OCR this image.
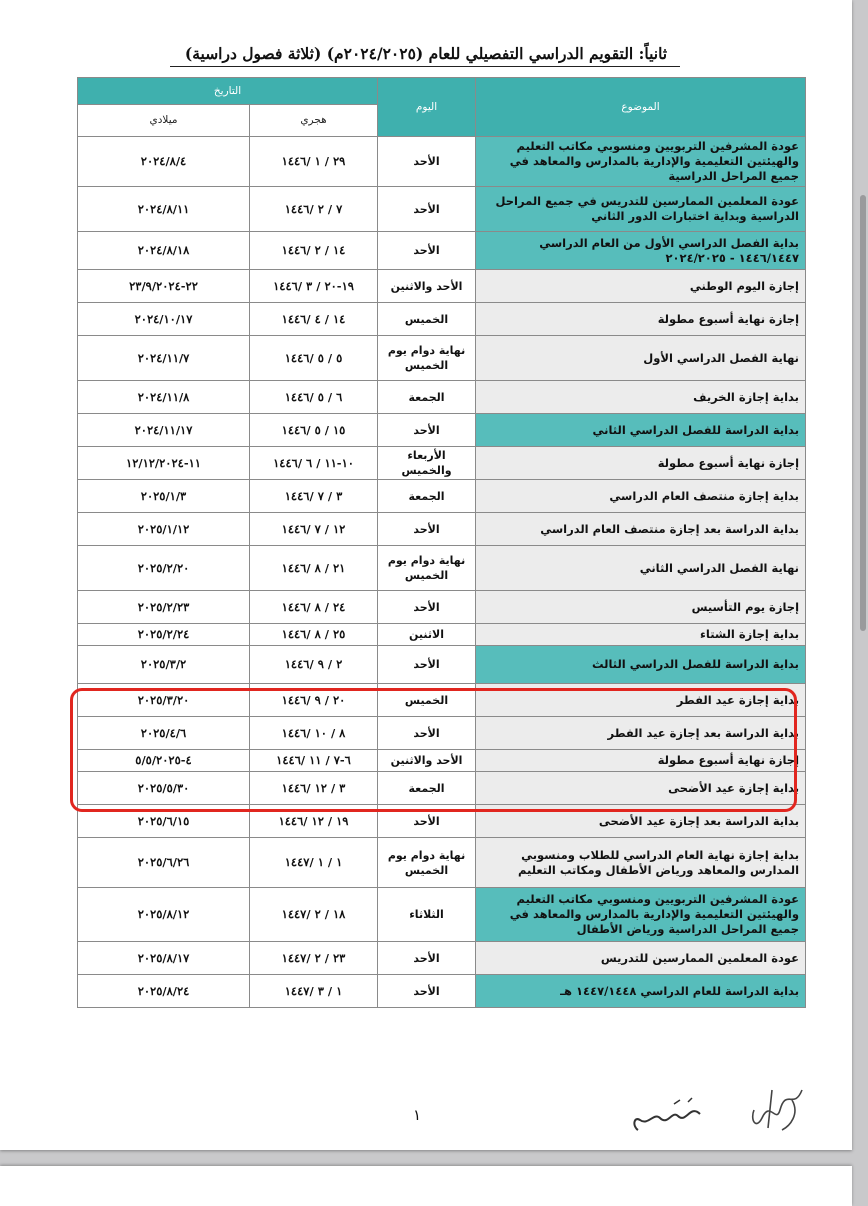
ثانياً: التقويم الدراسي التفصيلي للعام (٢٠٢٤/٢٠٢٥م) (ثلاثة فصول دراسية)
الموضوع	اليوم	التاريخ	
		هجري	ميلادي
عودة المشرفين التربويين ومنسوبي مكاتب التعليم والهيئتين التعليمية والإدارية بالمدارس والمعاهد في جميع المراحل الدراسية	الأحد	٢٩ / ١ /١٤٤٦	٢٠٢٤/٨/٤
عودة المعلمين الممارسين للتدريس في جميع المراحل الدراسية وبداية اختبارات الدور الثاني	الأحد	٧ / ٢ /١٤٤٦	٢٠٢٤/٨/١١
بداية الفصل الدراسي الأول من العام الدراسي ١٤٤٦/١٤٤٧ - ٢٠٢٤/٢٠٢٥	الأحد	١٤ / ٢ /١٤٤٦	٢٠٢٤/٨/١٨
إجازة اليوم الوطني	الأحد والاثنين	١٩-٢٠ / ٣ /١٤٤٦	٢٢-٢٣/٩/٢٠٢٤
إجازة نهاية أسبوع مطولة	الخميس	١٤ / ٤ /١٤٤٦	٢٠٢٤/١٠/١٧
نهاية الفصل الدراسي الأول	نهاية دوام يوم الخميس	٥ / ٥ /١٤٤٦	٢٠٢٤/١١/٧
بداية إجازة الخريف	الجمعة	٦ / ٥ /١٤٤٦	٢٠٢٤/١١/٨
بداية الدراسة للفصل الدراسي الثاني	الأحد	١٥ / ٥ /١٤٤٦	٢٠٢٤/١١/١٧
إجازة نهاية أسبوع مطولة	الأربعاء والخميس	١٠-١١ / ٦ /١٤٤٦	١١-١٢/١٢/٢٠٢٤
بداية إجازة منتصف العام الدراسي	الجمعة	٣ / ٧ /١٤٤٦	٢٠٢٥/١/٣
بداية الدراسة بعد إجازة منتصف العام الدراسي	الأحد	١٢ / ٧ /١٤٤٦	٢٠٢٥/١/١٢
نهاية الفصل الدراسي الثاني	نهاية دوام يوم الخميس	٢١ / ٨ /١٤٤٦	٢٠٢٥/٢/٢٠
إجازة يوم التأسيس	الأحد	٢٤ / ٨ /١٤٤٦	٢٠٢٥/٢/٢٣
بداية إجازة الشتاء	الاثنين	٢٥ / ٨ /١٤٤٦	٢٠٢٥/٢/٢٤
بداية الدراسة للفصل الدراسي الثالث	الأحد	٢ / ٩ /١٤٤٦	٢٠٢٥/٣/٢
بداية إجازة عيد الفطر	الخميس	٢٠ / ٩ /١٤٤٦	٢٠٢٥/٣/٢٠
بداية الدراسة بعد إجازة عيد الفطر	الأحد	٨ / ١٠ /١٤٤٦	٢٠٢٥/٤/٦
إجازة نهاية أسبوع مطولة	الأحد والاثنين	٦-٧ / ١١ /١٤٤٦	٤-٥/٥/٢٠٢٥
بداية إجازة عيد الأضحى	الجمعة	٣ / ١٢ /١٤٤٦	٢٠٢٥/٥/٣٠
بداية الدراسة بعد إجازة عيد الأضحى	الأحد	١٩ / ١٢ /١٤٤٦	٢٠٢٥/٦/١٥
بداية إجازة نهاية العام الدراسي للطلاب ومنسوبي المدارس والمعاهد ورياض الأطفال ومكاتب التعليم	نهاية دوام يوم الخميس	١ / ١ /١٤٤٧	٢٠٢٥/٦/٢٦
عودة المشرفين التربويين ومنسوبي مكاتب التعليم والهيئتين التعليمية والإدارية بالمدارس والمعاهد في جميع المراحل الدراسية ورياض الأطفال	الثلاثاء	١٨ / ٢ /١٤٤٧	٢٠٢٥/٨/١٢
عودة المعلمين الممارسين للتدريس	الأحد	٢٣ / ٢ /١٤٤٧	٢٠٢٥/٨/١٧
بداية الدراسة للعام الدراسي ١٤٤٧/١٤٤٨ هـ	الأحد	١ / ٣ /١٤٤٧	٢٠٢٥/٨/٢٤
١
